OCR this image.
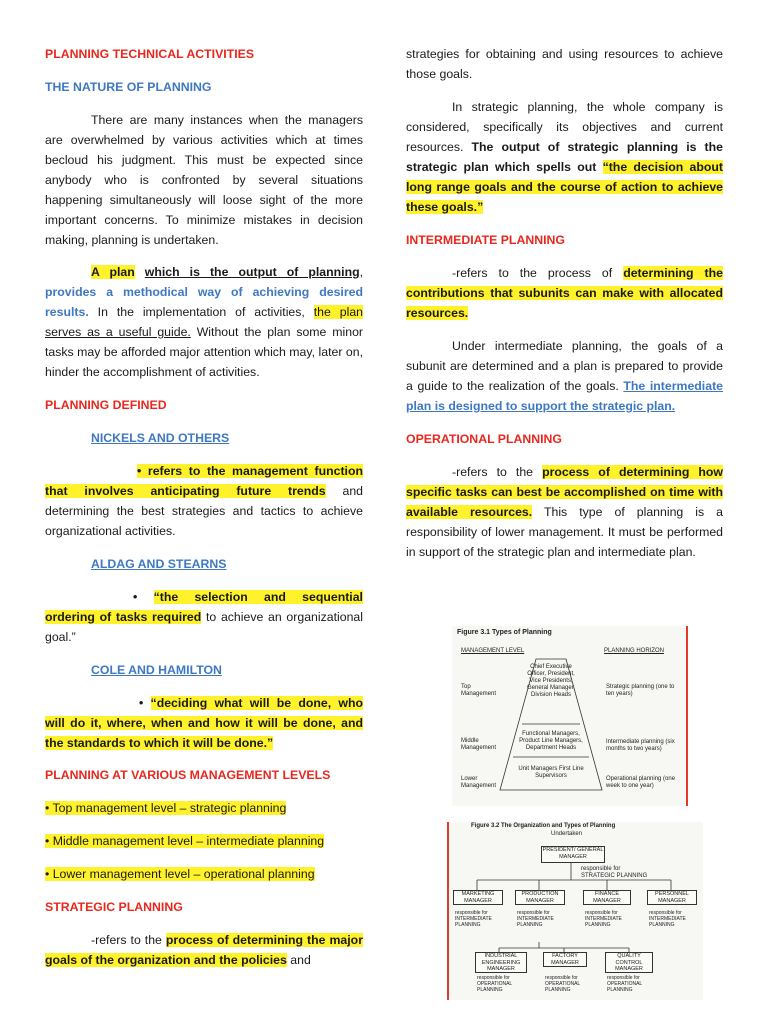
PLANNING TECHNICAL ACTIVITIES

THE NATURE OF PLANNING

There are many instances when the managers are overwhelmed by various activities which at times becloud his judgment. This must be expected since anybody who is confronted by several situations happening simultaneously will loose sight of the more important concerns. To minimize mistakes in decision making, planning is undertaken.

A plan which is the output of planning, provides a methodical way of achieving desired results. In the implementation of activities, the plan serves as a useful guide. Without the plan some minor tasks may be afforded major attention which may, later on, hinder the accomplishment of activities.

PLANNING DEFINED

NICKELS AND OTHERS

• refers to the management function that involves anticipating future trends and determining the best strategies and tactics to achieve organizational activities.

ALDAG AND STEARNS

• “the selection and sequential ordering of tasks required to achieve an organizational goal.”

COLE AND HAMILTON

• “deciding what will be done, who will do it, where, when and how it will be done, and the standards to which it will be done.”

PLANNING AT VARIOUS MANAGEMENT LEVELS

• Top management level – strategic planning

• Middle management level – intermediate planning

• Lower management level – operational planning

STRATEGIC PLANNING

-refers to the process of determining the major goals of the organization and the policies and

strategies for obtaining and using resources to achieve those goals.

In strategic planning, the whole company is considered, specifically its objectives and current resources. The output of strategic planning is the strategic plan which spells out “the decision about long range goals and the course of action to achieve these goals.”

INTERMEDIATE PLANNING

-refers to the process of determining the contributions that subunits can make with allocated resources.

Under intermediate planning, the goals of a subunit are determined and a plan is prepared to provide a guide to the realization of the goals. The intermediate plan is designed to support the strategic plan.

OPERATIONAL PLANNING

-refers to the process of determining how specific tasks can best be accomplished on time with available resources. This type of planning is a responsibility of lower management. It must be performed in support of the strategic plan and intermediate plan.

Figure 3.1 Types of Planning
MANAGEMENT LEVEL	PLANNING HORIZON
Top Management
Middle Management
Lower Management
Chief Executive Officer, President, Vice Presidents, General Manager, Division Heads
Functional Managers, Product Line Managers, Department Heads
Unit Managers First Line Supervisors
Strategic planning (one to ten years)
Intermediate planning (six months to two years)
Operational planning (one week to one year)
Figure 3.2 The Organization and Types of Planning
Undertaken
PRESIDENT/ GENERAL MANAGER
responsible for STRATEGIC PLANNING
MARKETING MANAGER
PRODUCTION MANAGER
FINANCE MANAGER
PERSONNEL MANAGER
responsible for INTERMEDIATE PLANNING
responsible for INTERMEDIATE PLANNING
responsible for INTERMEDIATE PLANNING
responsible for INTERMEDIATE PLANNING
INDUSTRIAL ENGINEERING MANAGER
FACTORY MANAGER
QUALITY CONTROL MANAGER
responsible for OPERATIONAL PLANNING
responsible for OPERATIONAL PLANNING
responsible for OPERATIONAL PLANNING
